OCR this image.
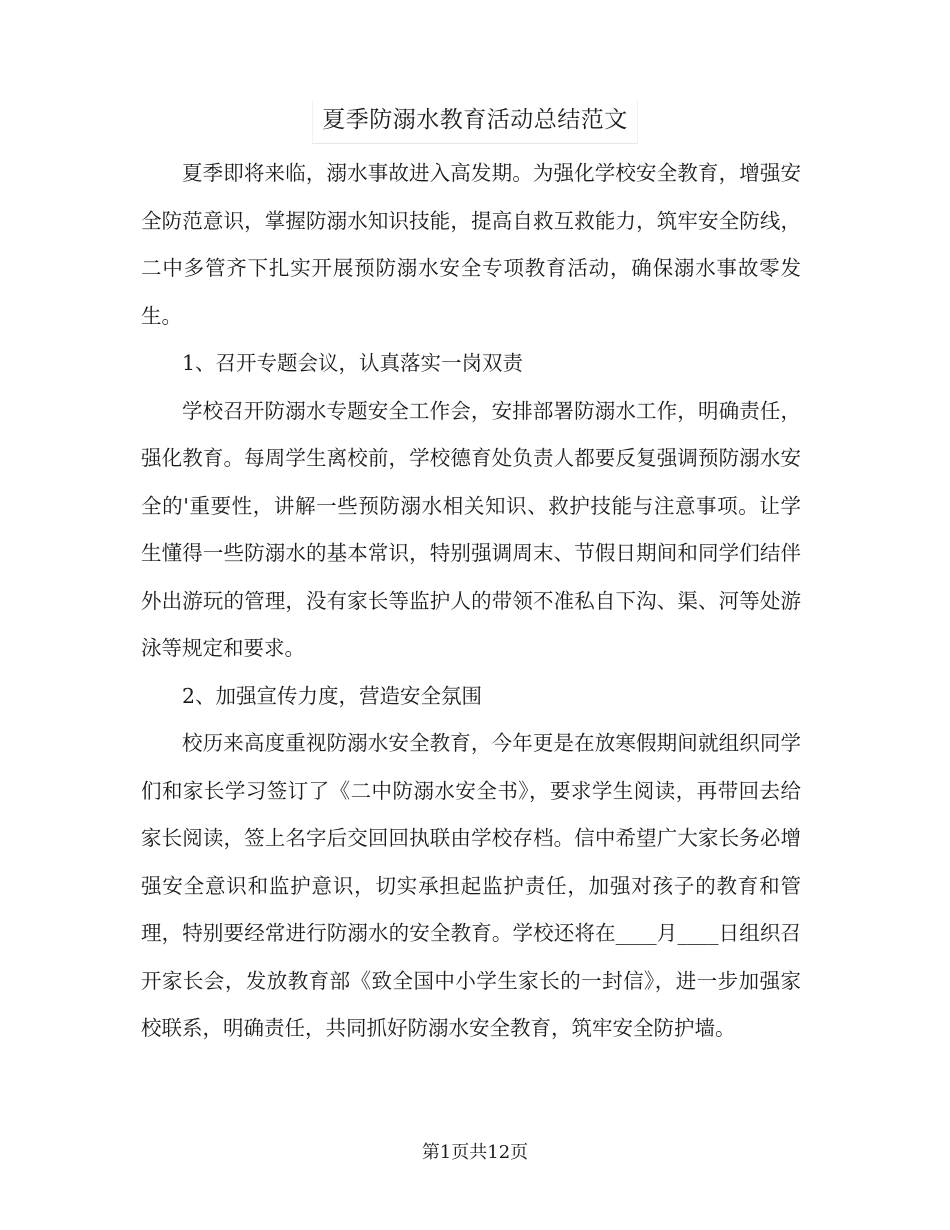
夏季防溺水教育活动总结范文

夏季即将来临，溺水事故进入高发期。为强化学校安全教育，增强安全防范意识，掌握防溺水知识技能，提高自救互救能力，筑牢安全防线，二中多管齐下扎实开展预防溺水安全专项教育活动，确保溺水事故零发生。

1、召开专题会议，认真落实一岗双责

学校召开防溺水专题安全工作会，安排部署防溺水工作，明确责任，强化教育。每周学生离校前，学校德育处负责人都要反复强调预防溺水安全的'重要性，讲解一些预防溺水相关知识、救护技能与注意事项。让学生懂得一些防溺水的基本常识，特别强调周末、节假日期间和同学们结伴外出游玩的管理，没有家长等监护人的带领不准私自下沟、渠、河等处游泳等规定和要求。

2、加强宣传力度，营造安全氛围

校历来高度重视防溺水安全教育，今年更是在放寒假期间就组织同学们和家长学习签订了《二中防溺水安全书》，要求学生阅读，再带回去给家长阅读，签上名字后交回回执联由学校存档。信中希望广大家长务必增强安全意识和监护意识，切实承担起监护责任，加强对孩子的教育和管理，特别要经常进行防溺水的安全教育。学校还将在____月____日组织召开家长会，发放教育部《致全国中小学生家长的一封信》，进一步加强家校联系，明确责任，共同抓好防溺水安全教育，筑牢安全防护墙。

第1页共12页
